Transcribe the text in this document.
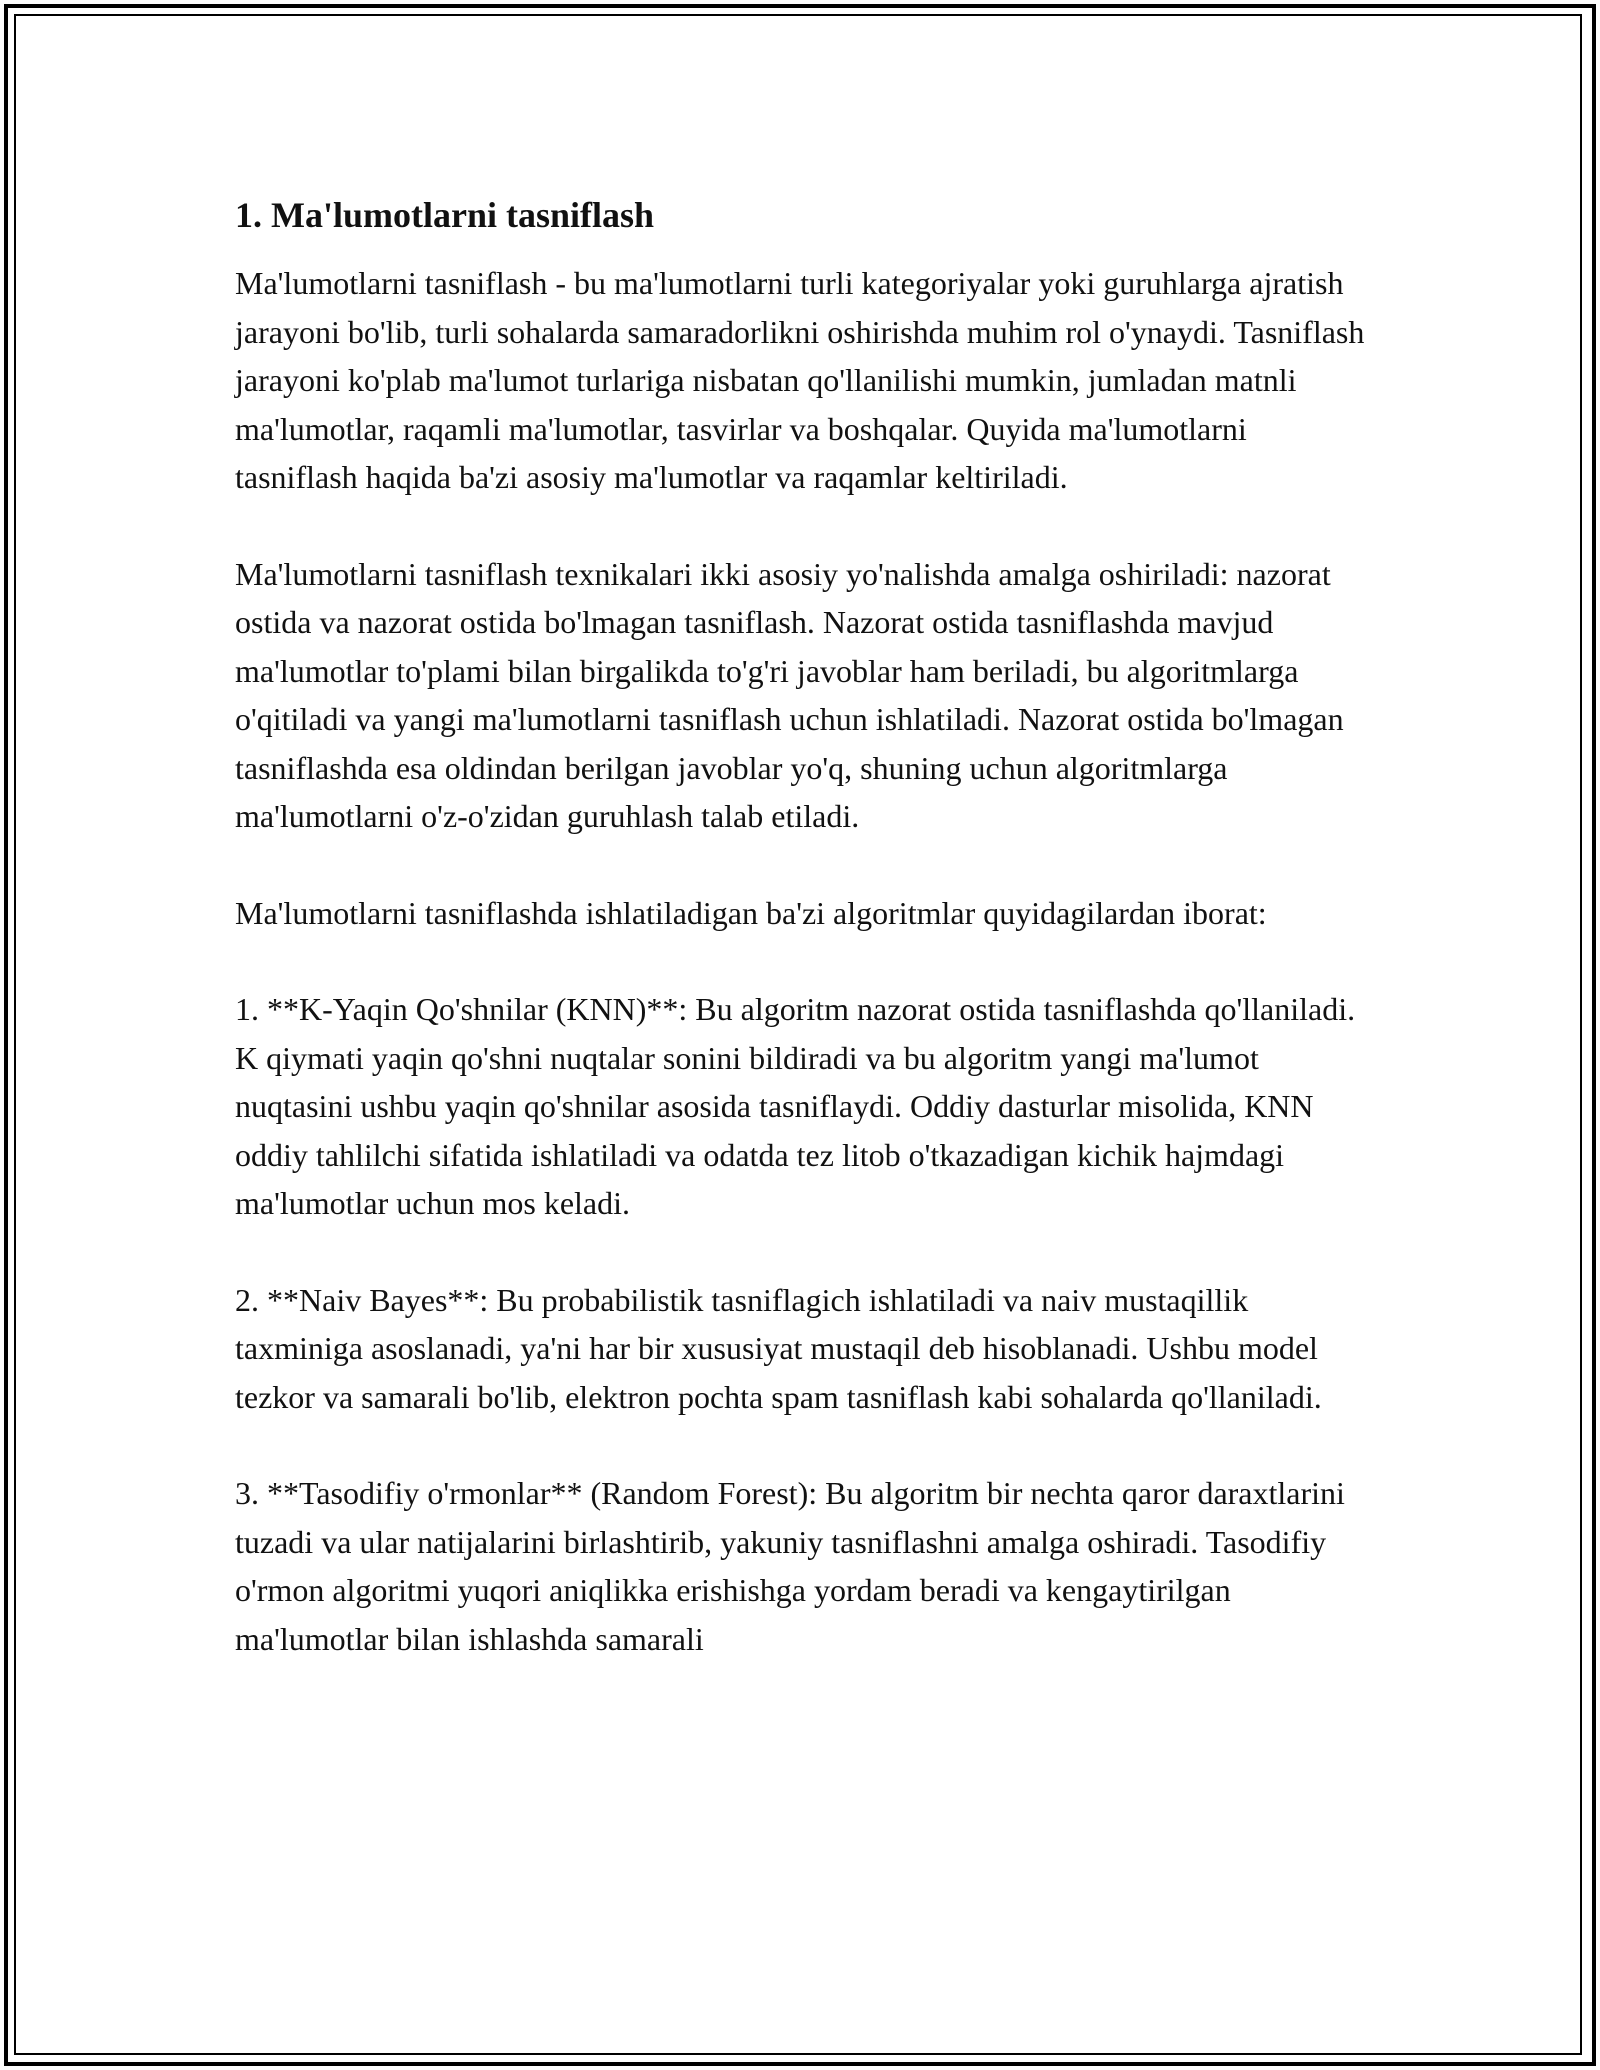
1. Ma'lumotlarni tasniflash

Ma'lumotlarni tasniflash - bu ma'lumotlarni turli kategoriyalar yoki guruhlarga ajratish jarayoni bo'lib, turli sohalarda samaradorlikni oshirishda muhim rol o'ynaydi. Tasniflash jarayoni ko'plab ma'lumot turlariga nisbatan qo'llanilishi mumkin, jumladan matnli ma'lumotlar, raqamli ma'lumotlar, tasvirlar va boshqalar. Quyida ma'lumotlarni tasniflash haqida ba'zi asosiy ma'lumotlar va raqamlar keltiriladi.

Ma'lumotlarni tasniflash texnikalari ikki asosiy yo'nalishda amalga oshiriladi: nazorat ostida va nazorat ostida bo'lmagan tasniflash. Nazorat ostida tasniflashda mavjud ma'lumotlar to'plami bilan birgalikda to'g'ri javoblar ham beriladi, bu algoritmlarga o'qitiladi va yangi ma'lumotlarni tasniflash uchun ishlatiladi. Nazorat ostida bo'lmagan tasniflashda esa oldindan berilgan javoblar yo'q, shuning uchun algoritmlarga ma'lumotlarni o'z-o'zidan guruhlash talab etiladi.

Ma'lumotlarni tasniflashda ishlatiladigan ba'zi algoritmlar quyidagilardan iborat:

1. **K-Yaqin Qo'shnilar (KNN)**: Bu algoritm nazorat ostida tasniflashda qo'llaniladi. K qiymati yaqin qo'shni nuqtalar sonini bildiradi va bu algoritm yangi ma'lumot nuqtasini ushbu yaqin qo'shnilar asosida tasniflaydi. Oddiy dasturlar misolida, KNN oddiy tahlilchi sifatida ishlatiladi va odatda tez litob o'tkazadigan kichik hajmdagi ma'lumotlar uchun mos keladi.

2. **Naiv Bayes**: Bu probabilistik tasniflagich ishlatiladi va naiv mustaqillik taxminiga asoslanadi, ya'ni har bir xususiyat mustaqil deb hisoblanadi. Ushbu model tezkor va samarali bo'lib, elektron pochta spam tasniflash kabi sohalarda qo'llaniladi.

3. **Tasodifiy o'rmonlar** (Random Forest): Bu algoritm bir nechta qaror daraxtlarini tuzadi va ular natijalarini birlashtirib, yakuniy tasniflashni amalga oshiradi. Tasodifiy o'rmon algoritmi yuqori aniqlikka erishishga yordam beradi va kengaytirilgan ma'lumotlar bilan ishlashda samarali
